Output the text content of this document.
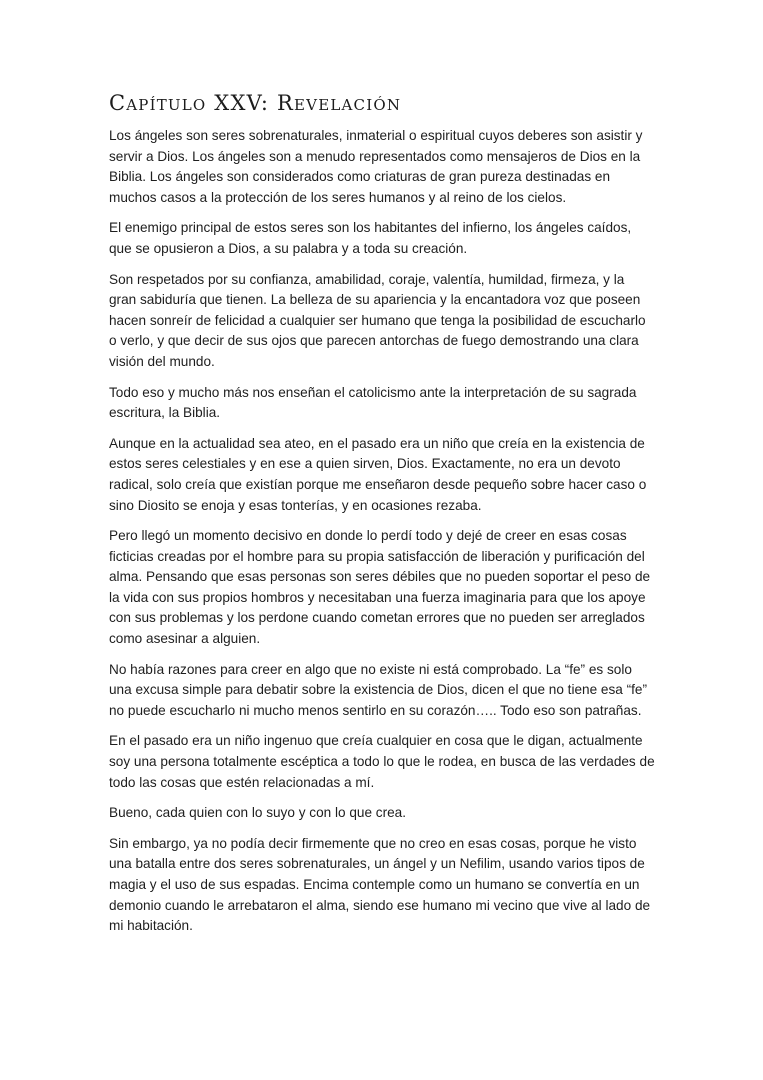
Capítulo XXV: Revelación

Los ángeles son seres sobrenaturales, inmaterial o espiritual cuyos deberes son asistir y servir a Dios. Los ángeles son a menudo representados como mensajeros de Dios en la Biblia. Los ángeles son considerados como criaturas de gran pureza destinadas en muchos casos a la protección de los seres humanos y al reino de los cielos.

El enemigo principal de estos seres son los habitantes del infierno, los ángeles caídos, que se opusieron a Dios, a su palabra y a toda su creación.

Son respetados por su confianza, amabilidad, coraje, valentía, humildad, firmeza, y la gran sabiduría que tienen. La belleza de su apariencia y la encantadora voz que poseen hacen sonreír de felicidad a cualquier ser humano que tenga la posibilidad de escucharlo o verlo, y que decir de sus ojos que parecen antorchas de fuego demostrando una clara visión del mundo.

Todo eso y mucho más nos enseñan el catolicismo ante la interpretación de su sagrada escritura, la Biblia.

Aunque en la actualidad sea ateo, en el pasado era un niño que creía en la existencia de estos seres celestiales y en ese a quien sirven, Dios. Exactamente, no era un devoto radical, solo creía que existían porque me enseñaron desde pequeño sobre hacer caso o sino Diosito se enoja y esas tonterías, y en ocasiones rezaba.

Pero llegó un momento decisivo en donde lo perdí todo y dejé de creer en esas cosas ficticias creadas por el hombre para su propia satisfacción de liberación y purificación del alma. Pensando que esas personas son seres débiles que no pueden soportar el peso de la vida con sus propios hombros y necesitaban una fuerza imaginaria para que los apoye con sus problemas y los perdone cuando cometan errores que no pueden ser arreglados como asesinar a alguien.

No había razones para creer en algo que no existe ni está comprobado. La “fe” es solo una excusa simple para debatir sobre la existencia de Dios, dicen el que no tiene esa “fe” no puede escucharlo ni mucho menos sentirlo en su corazón….. Todo eso son patrañas.

En el pasado era un niño ingenuo que creía cualquier en cosa que le digan, actualmente soy una persona totalmente escéptica a todo lo que le rodea, en busca de las verdades de todo las cosas que estén relacionadas a mí.

Bueno, cada quien con lo suyo y con lo que crea.

Sin embargo, ya no podía decir firmemente que no creo en esas cosas, porque he visto una batalla entre dos seres sobrenaturales, un ángel y un Nefilim, usando varios tipos de magia y el uso de sus espadas. Encima contemple como un humano se convertía en un demonio cuando le arrebataron el alma, siendo ese humano mi vecino que vive al lado de mi habitación.
